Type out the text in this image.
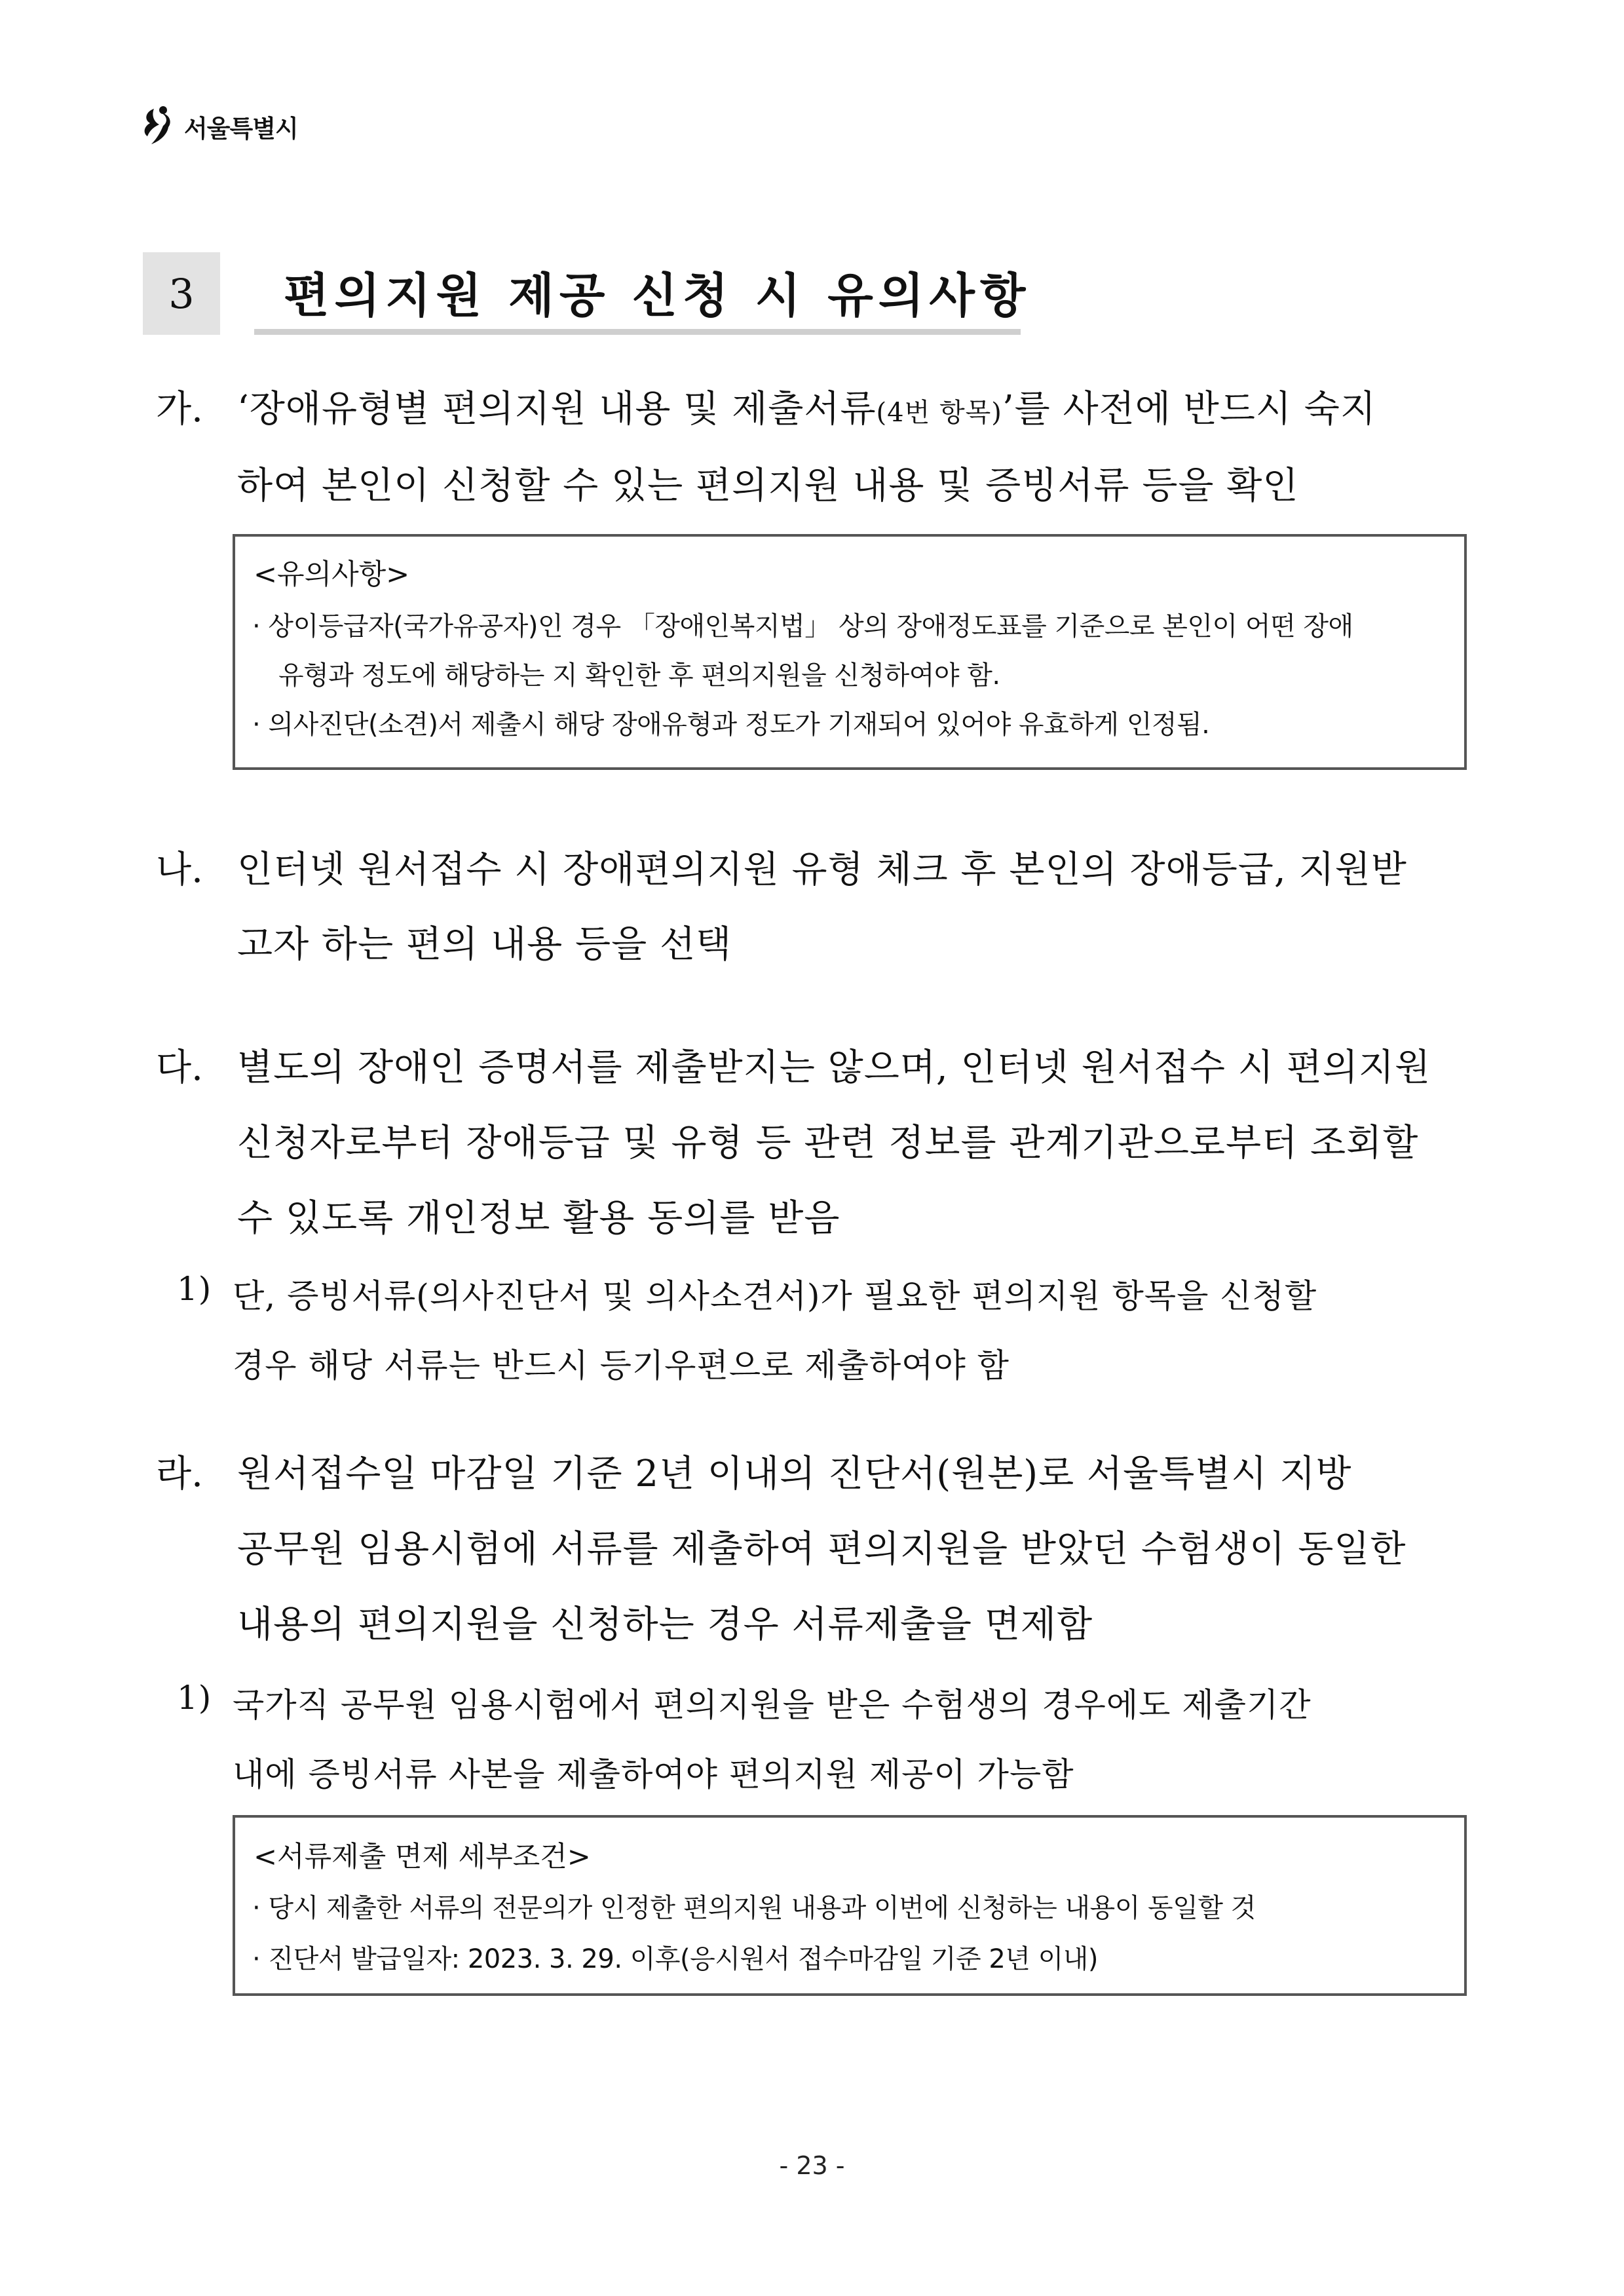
서울특별시
3 편의지원 제공 신청 시 유의사항
가. ‘장애유형별 편의지원 내용 및 제출서류(4번 항목)’를 사전에 반드시 숙지
하여 본인이 신청할 수 있는 편의지원 내용 및 증빙서류 등을 확인
<유의사항>
· 상이등급자(국가유공자)인 경우 「장애인복지법」 상의 장애정도표를 기준으로 본인이 어떤 장애
유형과 정도에 해당하는 지 확인한 후 편의지원을 신청하여야 함.
· 의사진단(소견)서 제출시 해당 장애유형과 정도가 기재되어 있어야 유효하게 인정됨.
나. 인터넷 원서접수 시 장애편의지원 유형 체크 후 본인의 장애등급, 지원받
고자 하는 편의 내용 등을 선택
다. 별도의 장애인 증명서를 제출받지는 않으며, 인터넷 원서접수 시 편의지원
신청자로부터 장애등급 및 유형 등 관련 정보를 관계기관으로부터 조회할
수 있도록 개인정보 활용 동의를 받음
1) 단, 증빙서류(의사진단서 및 의사소견서)가 필요한 편의지원 항목을 신청할
경우 해당 서류는 반드시 등기우편으로 제출하여야 함
라. 원서접수일 마감일 기준 2년 이내의 진단서(원본)로 서울특별시 지방
공무원 임용시험에 서류를 제출하여 편의지원을 받았던 수험생이 동일한
내용의 편의지원을 신청하는 경우 서류제출을 면제함
1) 국가직 공무원 임용시험에서 편의지원을 받은 수험생의 경우에도 제출기간
내에 증빙서류 사본을 제출하여야 편의지원 제공이 가능함
<서류제출 면제 세부조건>
· 당시 제출한 서류의 전문의가 인정한 편의지원 내용과 이번에 신청하는 내용이 동일할 것
· 진단서 발급일자: 2023. 3. 29. 이후(응시원서 접수마감일 기준 2년 이내)
- 23 -
